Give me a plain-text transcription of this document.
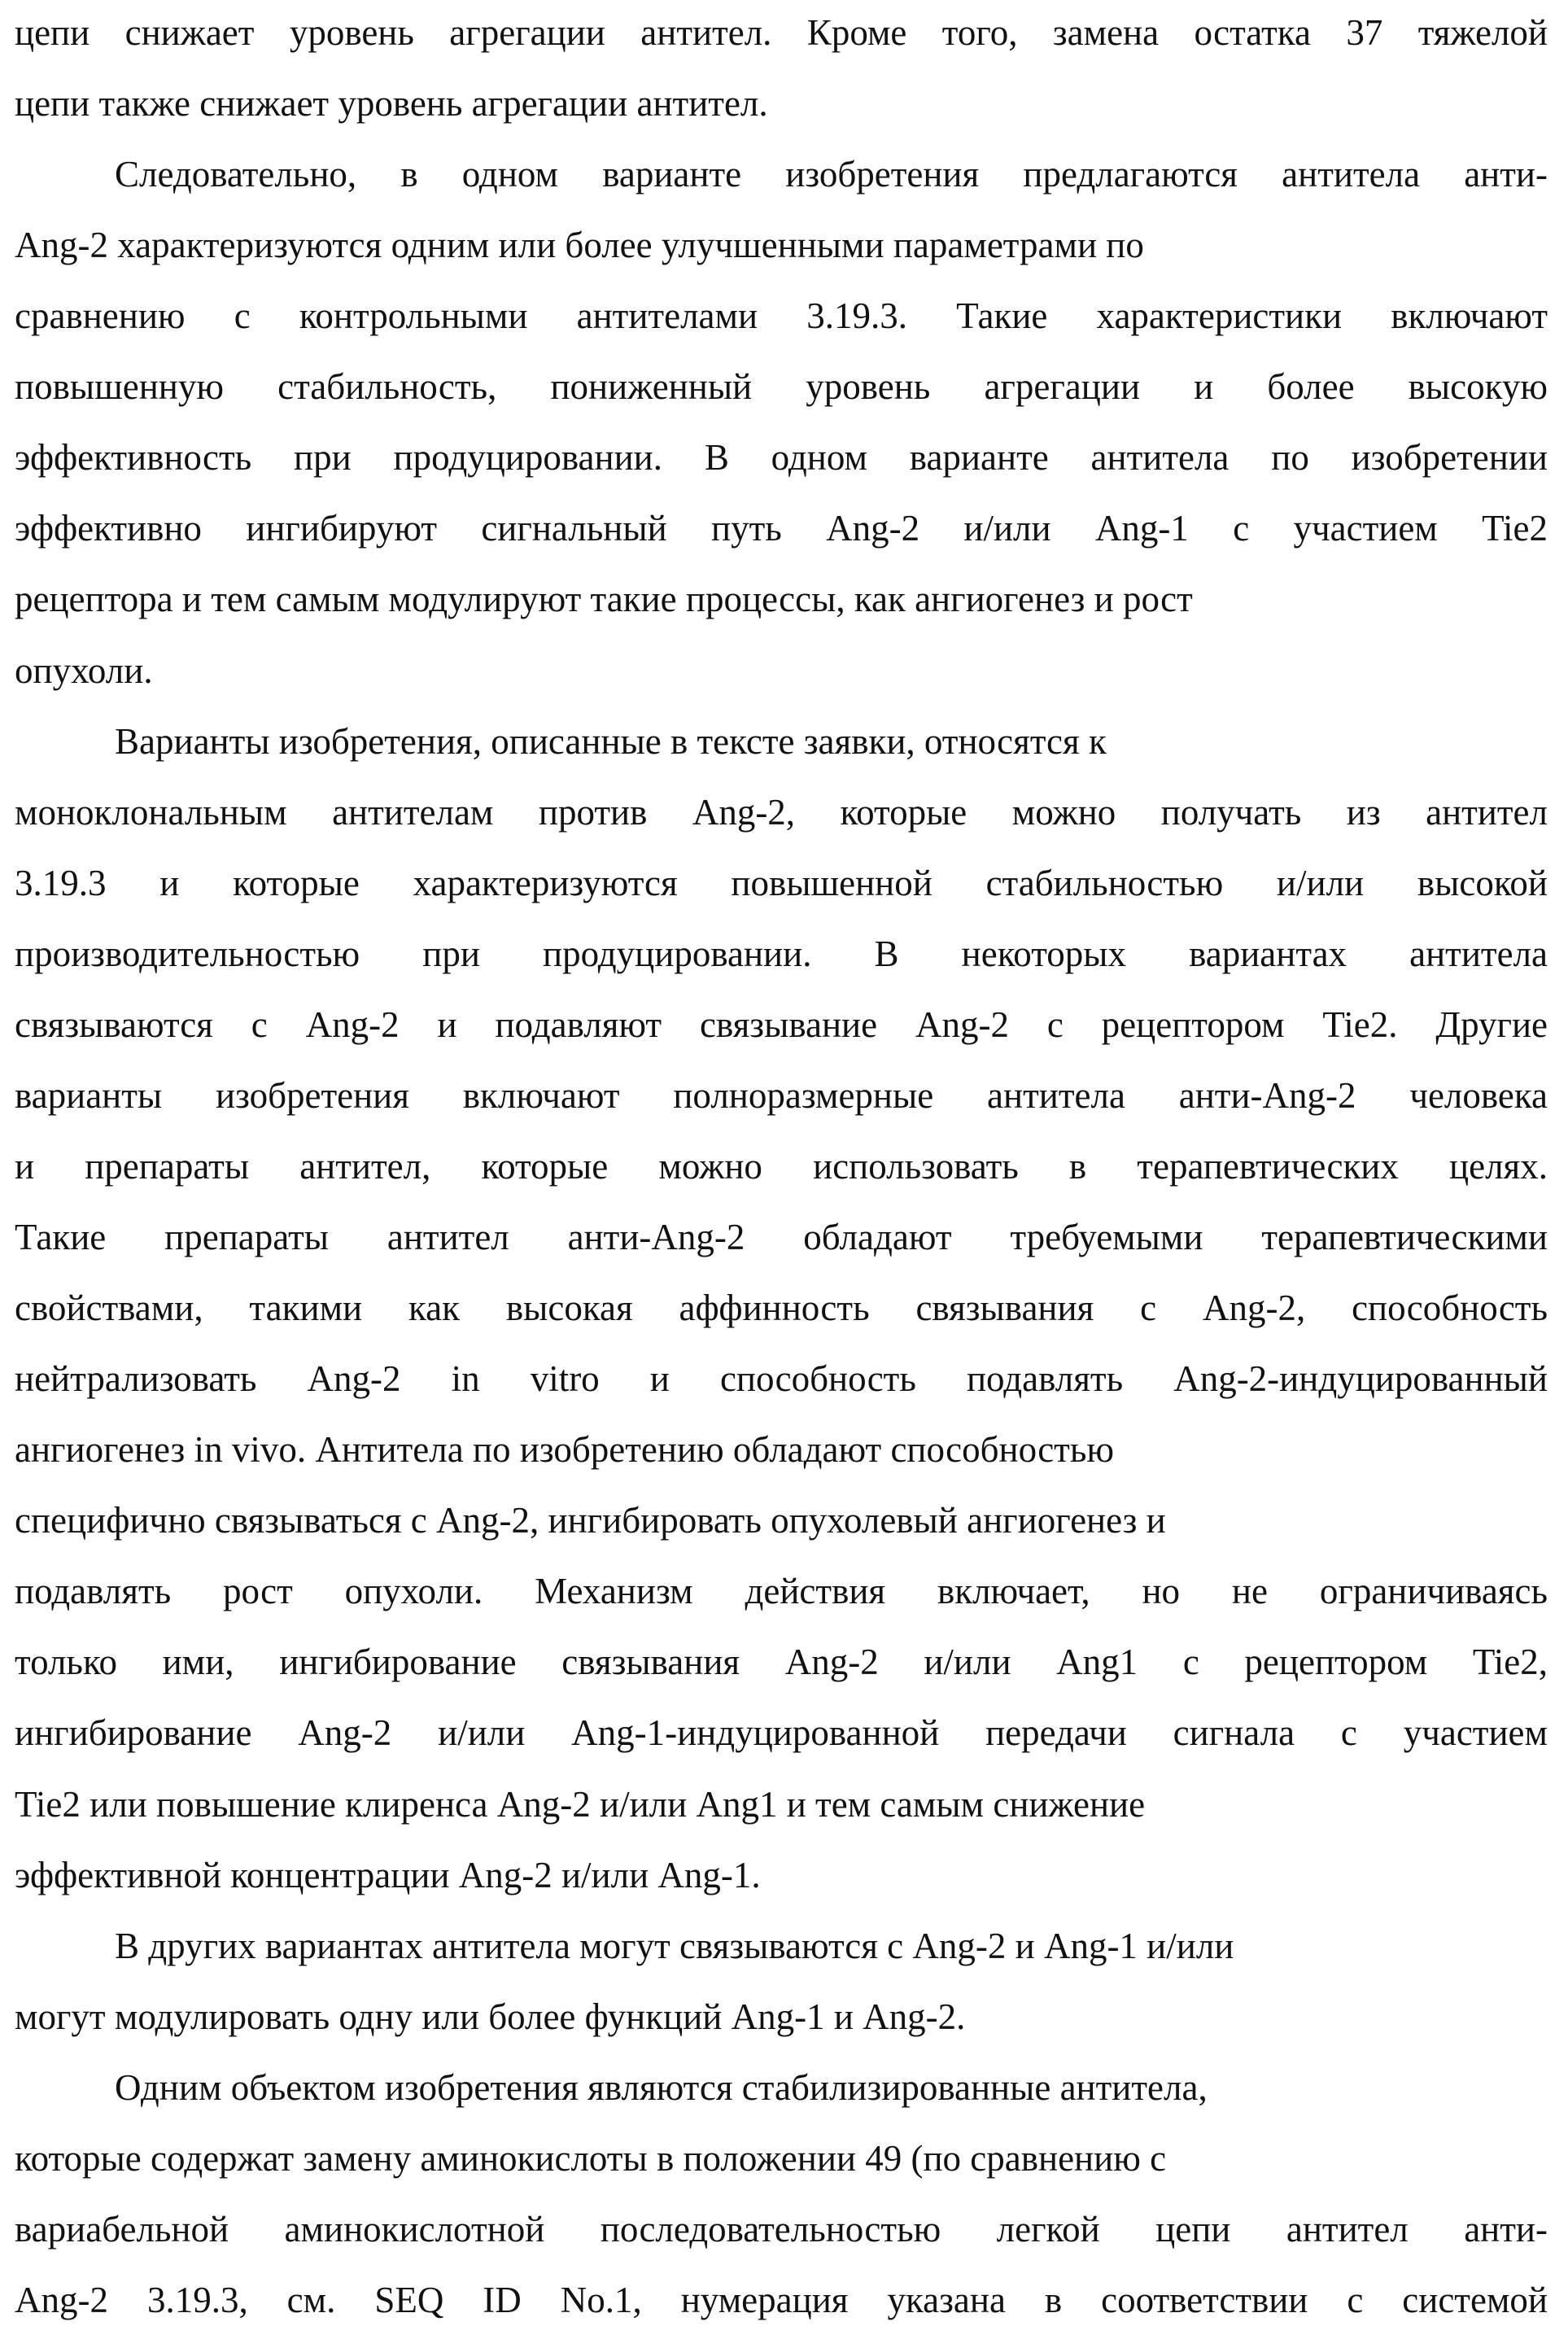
цепи снижает уровень агрегации антител. Кроме того, замена остатка 37 тяжелой
цепи также снижает уровень агрегации антител.
Следовательно, в одном варианте изобретения предлагаются антитела анти-
Ang-2 характеризуются одним или более улучшенными параметрами по
сравнению с контрольными антителами 3.19.3. Такие характеристики включают
повышенную стабильность, пониженный уровень агрегации и более высокую
эффективность при продуцировании. В одном варианте антитела по изобретении
эффективно ингибируют сигнальный путь Ang-2 и/или Ang-1 с участием Tie2
рецептора и тем самым модулируют такие процессы, как ангиогенез и рост
опухоли.
Варианты изобретения, описанные в тексте заявки, относятся к
моноклональным антителам против Ang-2, которые можно получать из антител
3.19.3 и которые характеризуются повышенной стабильностью и/или высокой
производительностью при продуцировании. В некоторых вариантах антитела
связываются с Ang-2 и подавляют связывание Ang-2 с рецептором Tie2. Другие
варианты изобретения включают полноразмерные антитела анти-Ang-2 человека
и препараты антител, которые можно использовать в терапевтических целях.
Такие препараты антител анти-Ang-2 обладают требуемыми терапевтическими
свойствами, такими как высокая аффинность связывания с Ang-2, способность
нейтрализовать Ang-2 in vitro и способность подавлять Ang-2-индуцированный
ангиогенез in vivo. Антитела по изобретению обладают способностью
специфично связываться с Ang-2, ингибировать опухолевый ангиогенез и
подавлять рост опухоли. Механизм действия включает, но не ограничиваясь
только ими, ингибирование связывания Ang-2 и/или Ang1 с рецептором Tie2,
ингибирование Ang-2 и/или Ang-1-индуцированной передачи сигнала с участием
Tie2 или повышение клиренса Ang-2 и/или Ang1 и тем самым снижение
эффективной концентрации Ang-2 и/или Ang-1.
В других вариантах антитела могут связываются с Ang-2 и Ang-1 и/или
могут модулировать одну или более функций Ang-1 и Ang-2.
Одним объектом изобретения являются стабилизированные антитела,
которые содержат замену аминокислоты в положении 49 (по сравнению с
вариабельной аминокислотной последовательностью легкой цепи антител анти-
Ang-2 3.19.3, см. SEQ ID No.1, нумерация указана в соответствии с системой
